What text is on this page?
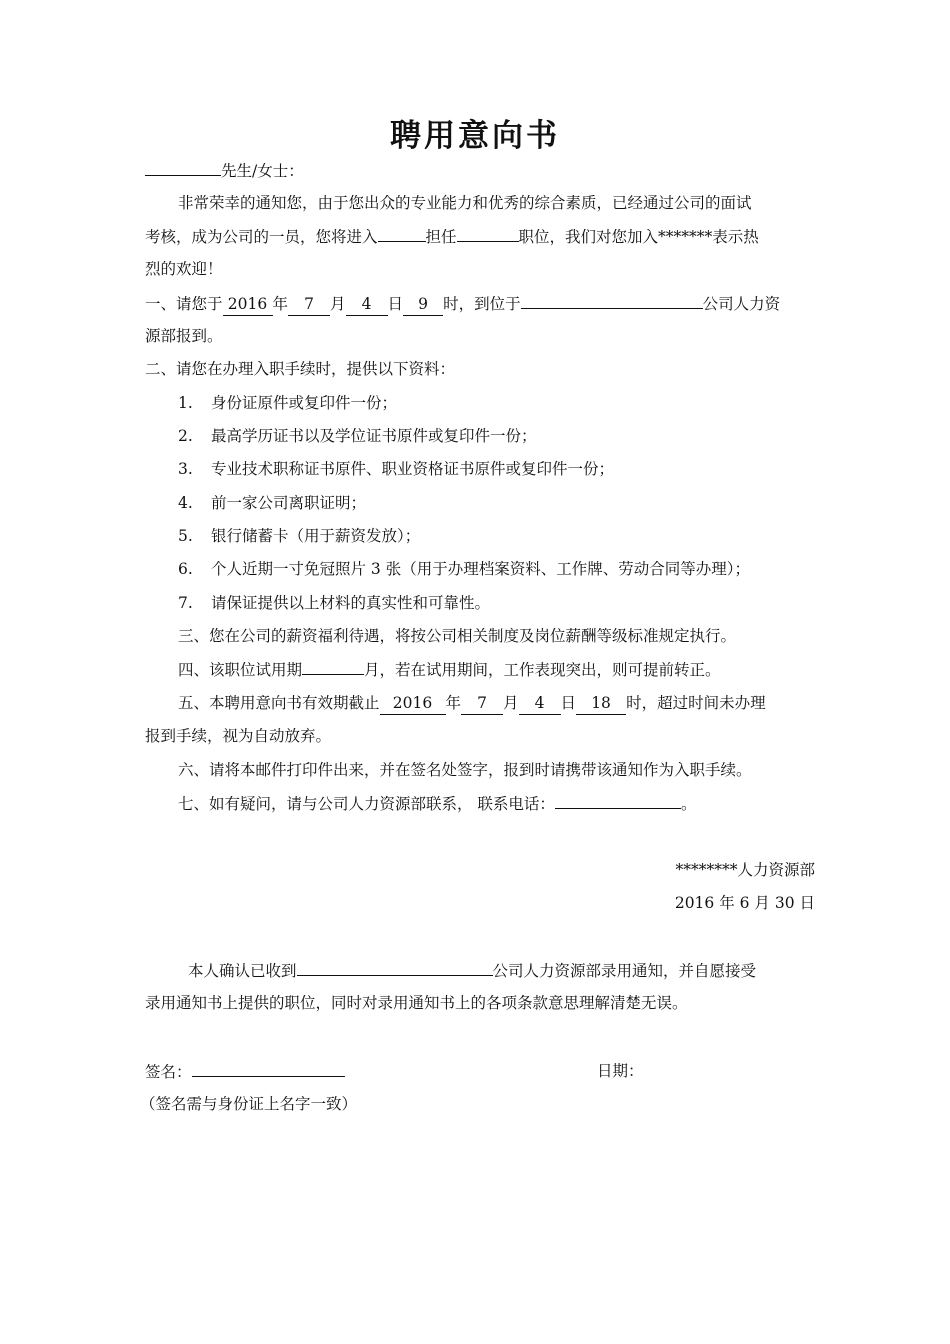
聘用意向书
先生/女士：
非常荣幸的通知您，由于您出众的专业能力和优秀的综合素质，已经通过公司的面试
考核，成为公司的一员，您将进入	担任	职位，我们对您加入*******表示热
烈的欢迎！
一、请您于 2016 年 7 月 4 日 9 时，到位于	公司人力资
源部报到。
二、请您在办理入职手续时，提供以下资料：
1. 身份证原件或复印件一份；
2. 最高学历证书以及学位证书原件或复印件一份；
3. 专业技术职称证书原件、职业资格证书原件或复印件一份；
4. 前一家公司离职证明；
5. 银行储蓄卡（用于薪资发放）；
6. 个人近期一寸免冠照片 3 张（用于办理档案资料、工作牌、劳动合同等办理）；
7. 请保证提供以上材料的真实性和可靠性。
三、您在公司的薪资福利待遇，将按公司相关制度及岗位薪酬等级标准规定执行。
四、该职位试用期	月，若在试用期间，工作表现突出，则可提前转正。
五、本聘用意向书有效期截止 2016 年 7 月 4 日 18 时，超过时间未办理
报到手续，视为自动放弃。
六、请将本邮件打印件出来，并在签名处签字，报到时请携带该通知作为入职手续。
七、如有疑问，请与公司人力资源部联系， 联系电话：	。
********人力资源部
2016 年 6 月 30 日
本人确认已收到	公司人力资源部录用通知，并自愿接受
录用通知书上提供的职位，同时对录用通知书上的各项条款意思理解清楚无误。
签名：	日期：
（签名需与身份证上名字一致）
